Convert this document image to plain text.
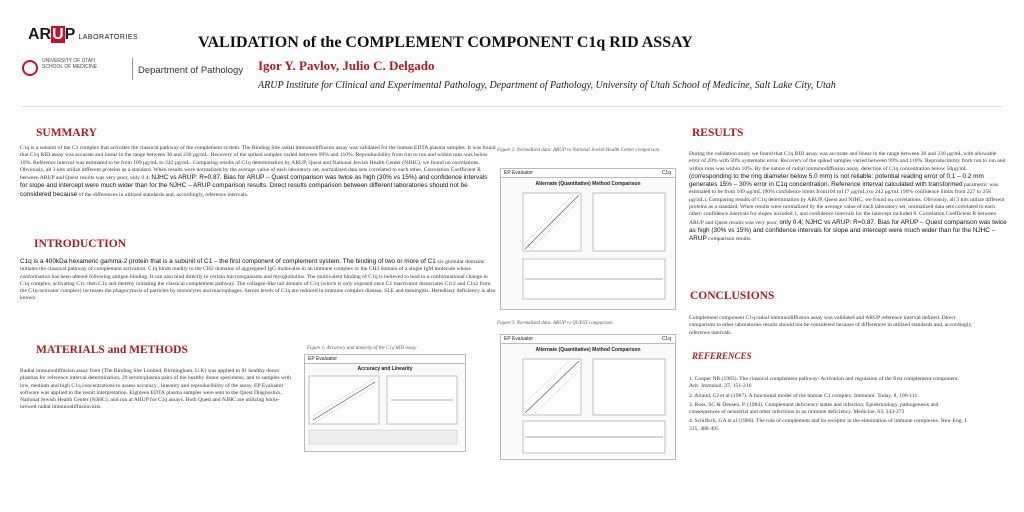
ARUP LABORATORIES
UNIVERSITY OF UTAH
SCHOOL OF MEDICINE	Department of Pathology
VALIDATION of the COMPLEMENT COMPONENT C1q RID ASSAY
Igor Y. Pavlov, Julio C. Delgado
ARUP Institute for Clinical and Experimental Pathology, Department of Pathology, University of Utah School of Medicine, Salt Lake City, Utah
SUMMARY
C1q is a subunit of the C1 complex that activates the classical pathway of the complement system. The Binding Site radial immunodiffusion assay was validated for the human EDTA plasma samples. It was found that C1q RID assay was accurate and linear in the range between 30 and 230 μg/mL. Recovery of the spiked samples varied between 99% and 110%. Reproducibility from run to run and within runs was below 10%. Reference interval was estimated to be from 109 μg/mL to 242 μg/mL. Comparing results of C1q determination by ARUP, Quest and National Jewish Health Center (NJHC), we found no correlations. Obviously, all 3 kits utilize different proteins as a standard. When results were normalized by the average value of each laboratory set, normalized data sets correlated to each other. Correlation Coefficient R between ARUP and Quest results was very poor, only 0.4; NJHC vs ARUP: R=0.87. Bias for ARUP – Quest comparison was twice as high (30% vs 15%) and confidence intervals for slope and intercept were much wider than for the NJHC – ARUP comparison results. Direct results comparison between different laboratories should not be considered because of the differences in utilized standards and, accordingly, reference intervals.
INTRODUCTION
C1q is a 400kDa hexameric gamma-2 protein that is a subunit of C1 – the first component of complement system. The binding of two or more of C1 six globular domains initiates the classical pathway of complement activation. C1q binds readily to the CH2 domains of aggregated IgG molecules in an immune complex or the CH3 domain of a single IgM molecule whose conformation has been altered following antigen binding. It can also bind directly to certain microorganisms and myoglobulins. The multivalent binding of C1q is believed to lead to a conformational change in C1q complex, activating C1r, then C1s and thereby initiating the classical complement pathway. The collagen-like tail domain of C1q (which is only exposed once C1 inactivator dissociates C1r2 and C1s2 from the C1q-activator complex) increases the phagocytosis of particles by monocytes and macrophages. Serum levels of C1q are reduced in immune complex disease, SLE and meningitis. Hereditary deficiency is also known
MATERIALS and METHODS
Radial immunodiffusion assay from (The Binding Site Limited, Birmingham, U.K) was applied to 81 healthy donor plasmas for reference interval determination, 29 serum/plasma pairs of the healthy donor specimens, and to samples with low, medium and high C1q concentrations to assess accuracy , linearity and reproducibility of the assay. EP Evaluator software was applied to the result interpretation. Eighteen EDTA plasma samples were sent to the Quest Diagnostics, National Jewish Health Center (NJHC), and run at ARUP for C1q assays. Both Quest and NJHC are utilizing home-brewed radial immunodiffusion kits.
Figure 1. Accuracy and linearity of the C1q RID assay
EP Evaluator
Accuracy and Linearity
Figure 2. Normalized data: ARUP vs National Jewish Health Center comparison
EP Evaluator	C1q
Alternate (Quantitative) Method Comparison
Figure 3. Normalized data: ARUP vs QUEST comparison
EP Evaluator	C1q
Alternate (Quantitative) Method Comparison
RESULTS
During the validation study we found that C1q RID assay was accurate and linear in the range between 30 and 230 μg/mL with allowable error of 20% with 50% systematic error. Recovery of the spiked samples varied between 99% and 110%. Reproducibility from run to run and within runs was within 10%. By the nature of radial immunodiffusion assay, detection of C1q concentration below 50μg/mL (corresponding to the ring diameter below 5.0 mm) is not reliable: potential reading error of 0.1 – 0.2 mm generates 15% – 30% error in C1q concentration. Reference interval calculated with transformed parametric was estimated to be from 109 μg/mL (90% confidence limits from104 to117 μg/mL) to 242 μg/mL (90% confidence limits from 227 to 258 μg/mL). Comparing results of C1q determination by ARUP, Quest and NJHC, we found no correlations. Obviously, all 3 kits utilize different proteins as a standard. When results were normalized by the average value of each laboratory set, normalized data sets correlated to each other: confidence intervals for slopes included 1, and confidence intervals for the intercept included 0. Correlation Coefficient R between ARUP and Quest results was very poor, only 0.4; NJHC vs ARUP: R=0.87. Bias for ARUP – Quest comparison was twice as high (30% vs 15%) and confidence intervals for slope and intercept were much wider than for the NJHC – ARUP comparison results.
CONCLUSIONS
Complement component C1q radial immunodiffusion assay was validated and ARUP reference interval defined. Direct comparison to other laboratories results should not be considered because of differences in utilized standards and, accordingly, reference intervals.
REFERENCES

1. Cooper NR (1985). The classical complement pathway: Activation and regulation of the first complement component. Adv. Immunol. 37, 151-216

2. Arlaud, GJ et al (1987). A functional model of the human C1 complex. Immunol. Today, 8, 106-111.

3. Ross, SC & Densen, P. (1984). Complement deficiency states and infection: Epidemiology, pathogenesis and consequences of neisserial and other infections in an immune deficiency. Medicine, 63, 243-273

4. Schifferli, GA et al (1986). The role of complement and its receptor in the elimination of immune complexes. New Eng. J. 315, 488-495
